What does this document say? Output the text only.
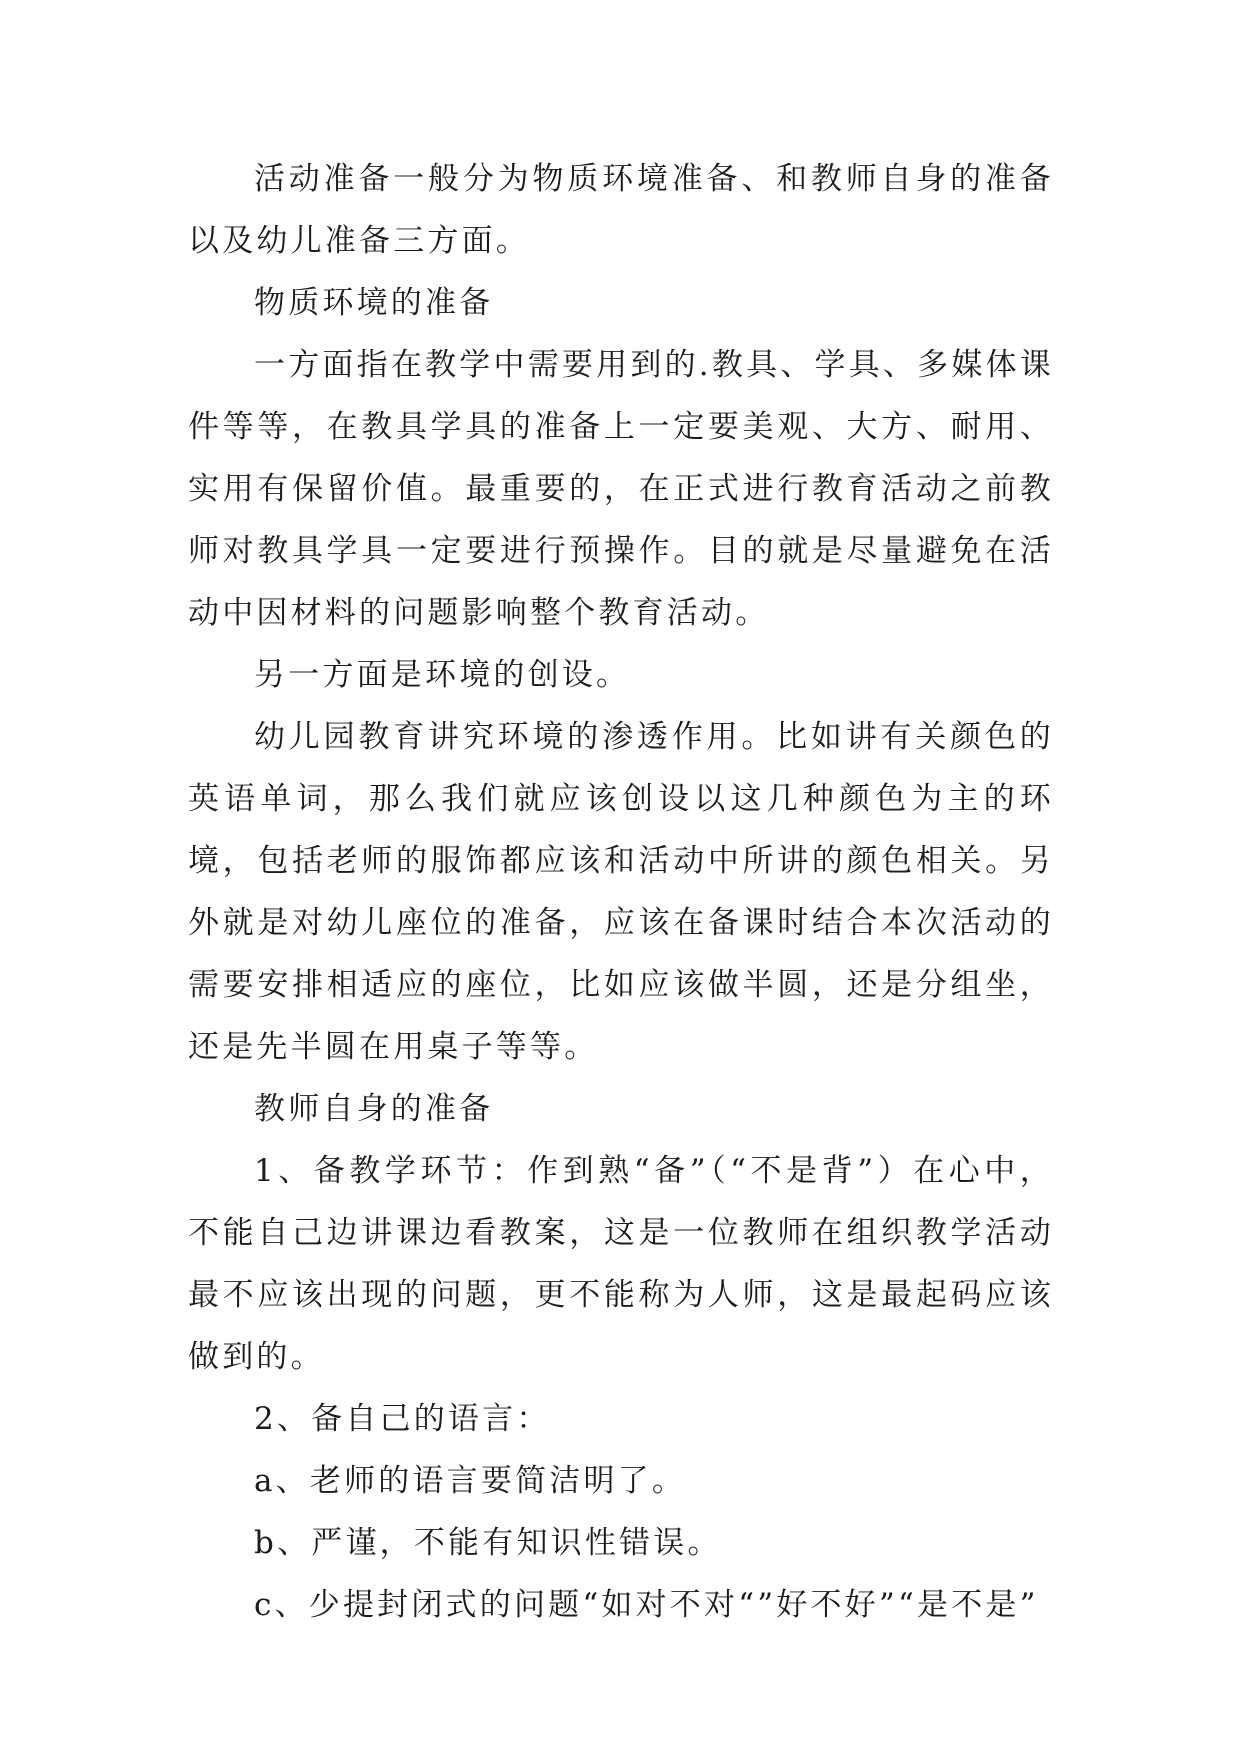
活动准备一般分为物质环境准备、和教师自身的准备以及幼儿准备三方面。

物质环境的准备

一方面指在教学中需要用到的.教具、学具、多媒体课件等等，在教具学具的准备上一定要美观、大方、耐用、实用有保留价值。最重要的，在正式进行教育活动之前教师对教具学具一定要进行预操作。目的就是尽量避免在活动中因材料的问题影响整个教育活动。

另一方面是环境的创设。

幼儿园教育讲究环境的渗透作用。比如讲有关颜色的英语单词，那么我们就应该创设以这几种颜色为主的环境，包括老师的服饰都应该和活动中所讲的颜色相关。另外就是对幼儿座位的准备，应该在备课时结合本次活动的需要安排相适应的座位，比如应该做半圆，还是分组坐，还是先半圆在用桌子等等。

教师自身的准备

1、备教学环节：作到熟“备”（“不是背”）在心中，不能自己边讲课边看教案，这是一位教师在组织教学活动最不应该出现的问题，更不能称为人师，这是最起码应该做到的。

2、备自己的语言：

a、老师的语言要简洁明了。

b、严谨，不能有知识性错误。

c、少提封闭式的问题“如对不对“”好不好”“是不是”
